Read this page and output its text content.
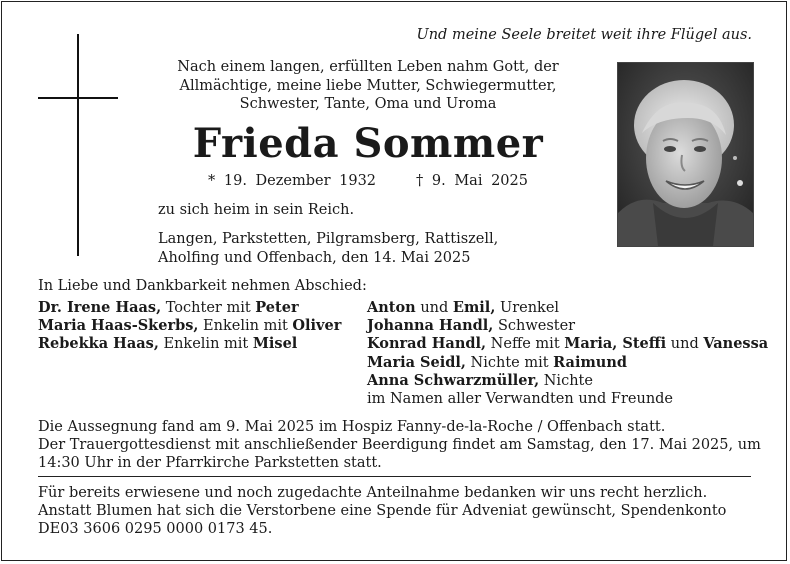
Und meine Seele breitet weit ihre Flügel aus.
Nach einem langen, erfüllten Leben nahm Gott, der
Allmächtige, meine liebe Mutter, Schwiegermutter,
Schwester, Tante, Oma und Uroma
Frieda Sommer
* 19. Dezember 1932	† 9. Mai 2025
zu sich heim in sein Reich.
Langen, Parkstetten, Pilgramsberg, Rattiszell,
Aholfing und Offenbach, den 14. Mai 2025
In Liebe und Dankbarkeit nehmen Abschied:
Dr. Irene Haas, Tochter mit Peter
Maria Haas-Skerbs, Enkelin mit Oliver
Rebekka Haas, Enkelin mit Misel
Anton und Emil, Urenkel
Johanna Handl, Schwester
Konrad Handl, Neffe mit Maria, Steffi und Vanessa
Maria Seidl, Nichte mit Raimund
Anna Schwarzmüller, Nichte
im Namen aller Verwandten und Freunde
Die Aussegnung fand am 9. Mai 2025 im Hospiz Fanny-de-la-Roche / Offenbach statt.
Der Trauergottesdienst mit anschließender Beerdigung findet am Samstag, den 17. Mai 2025, um
14:30 Uhr in der Pfarrkirche Parkstetten statt.
Für bereits erwiesene und noch zugedachte Anteilnahme bedanken wir uns recht herzlich.
Anstatt Blumen hat sich die Verstorbene eine Spende für Adveniat gewünscht, Spendenkonto
DE03 3606 0295 0000 0173 45.
